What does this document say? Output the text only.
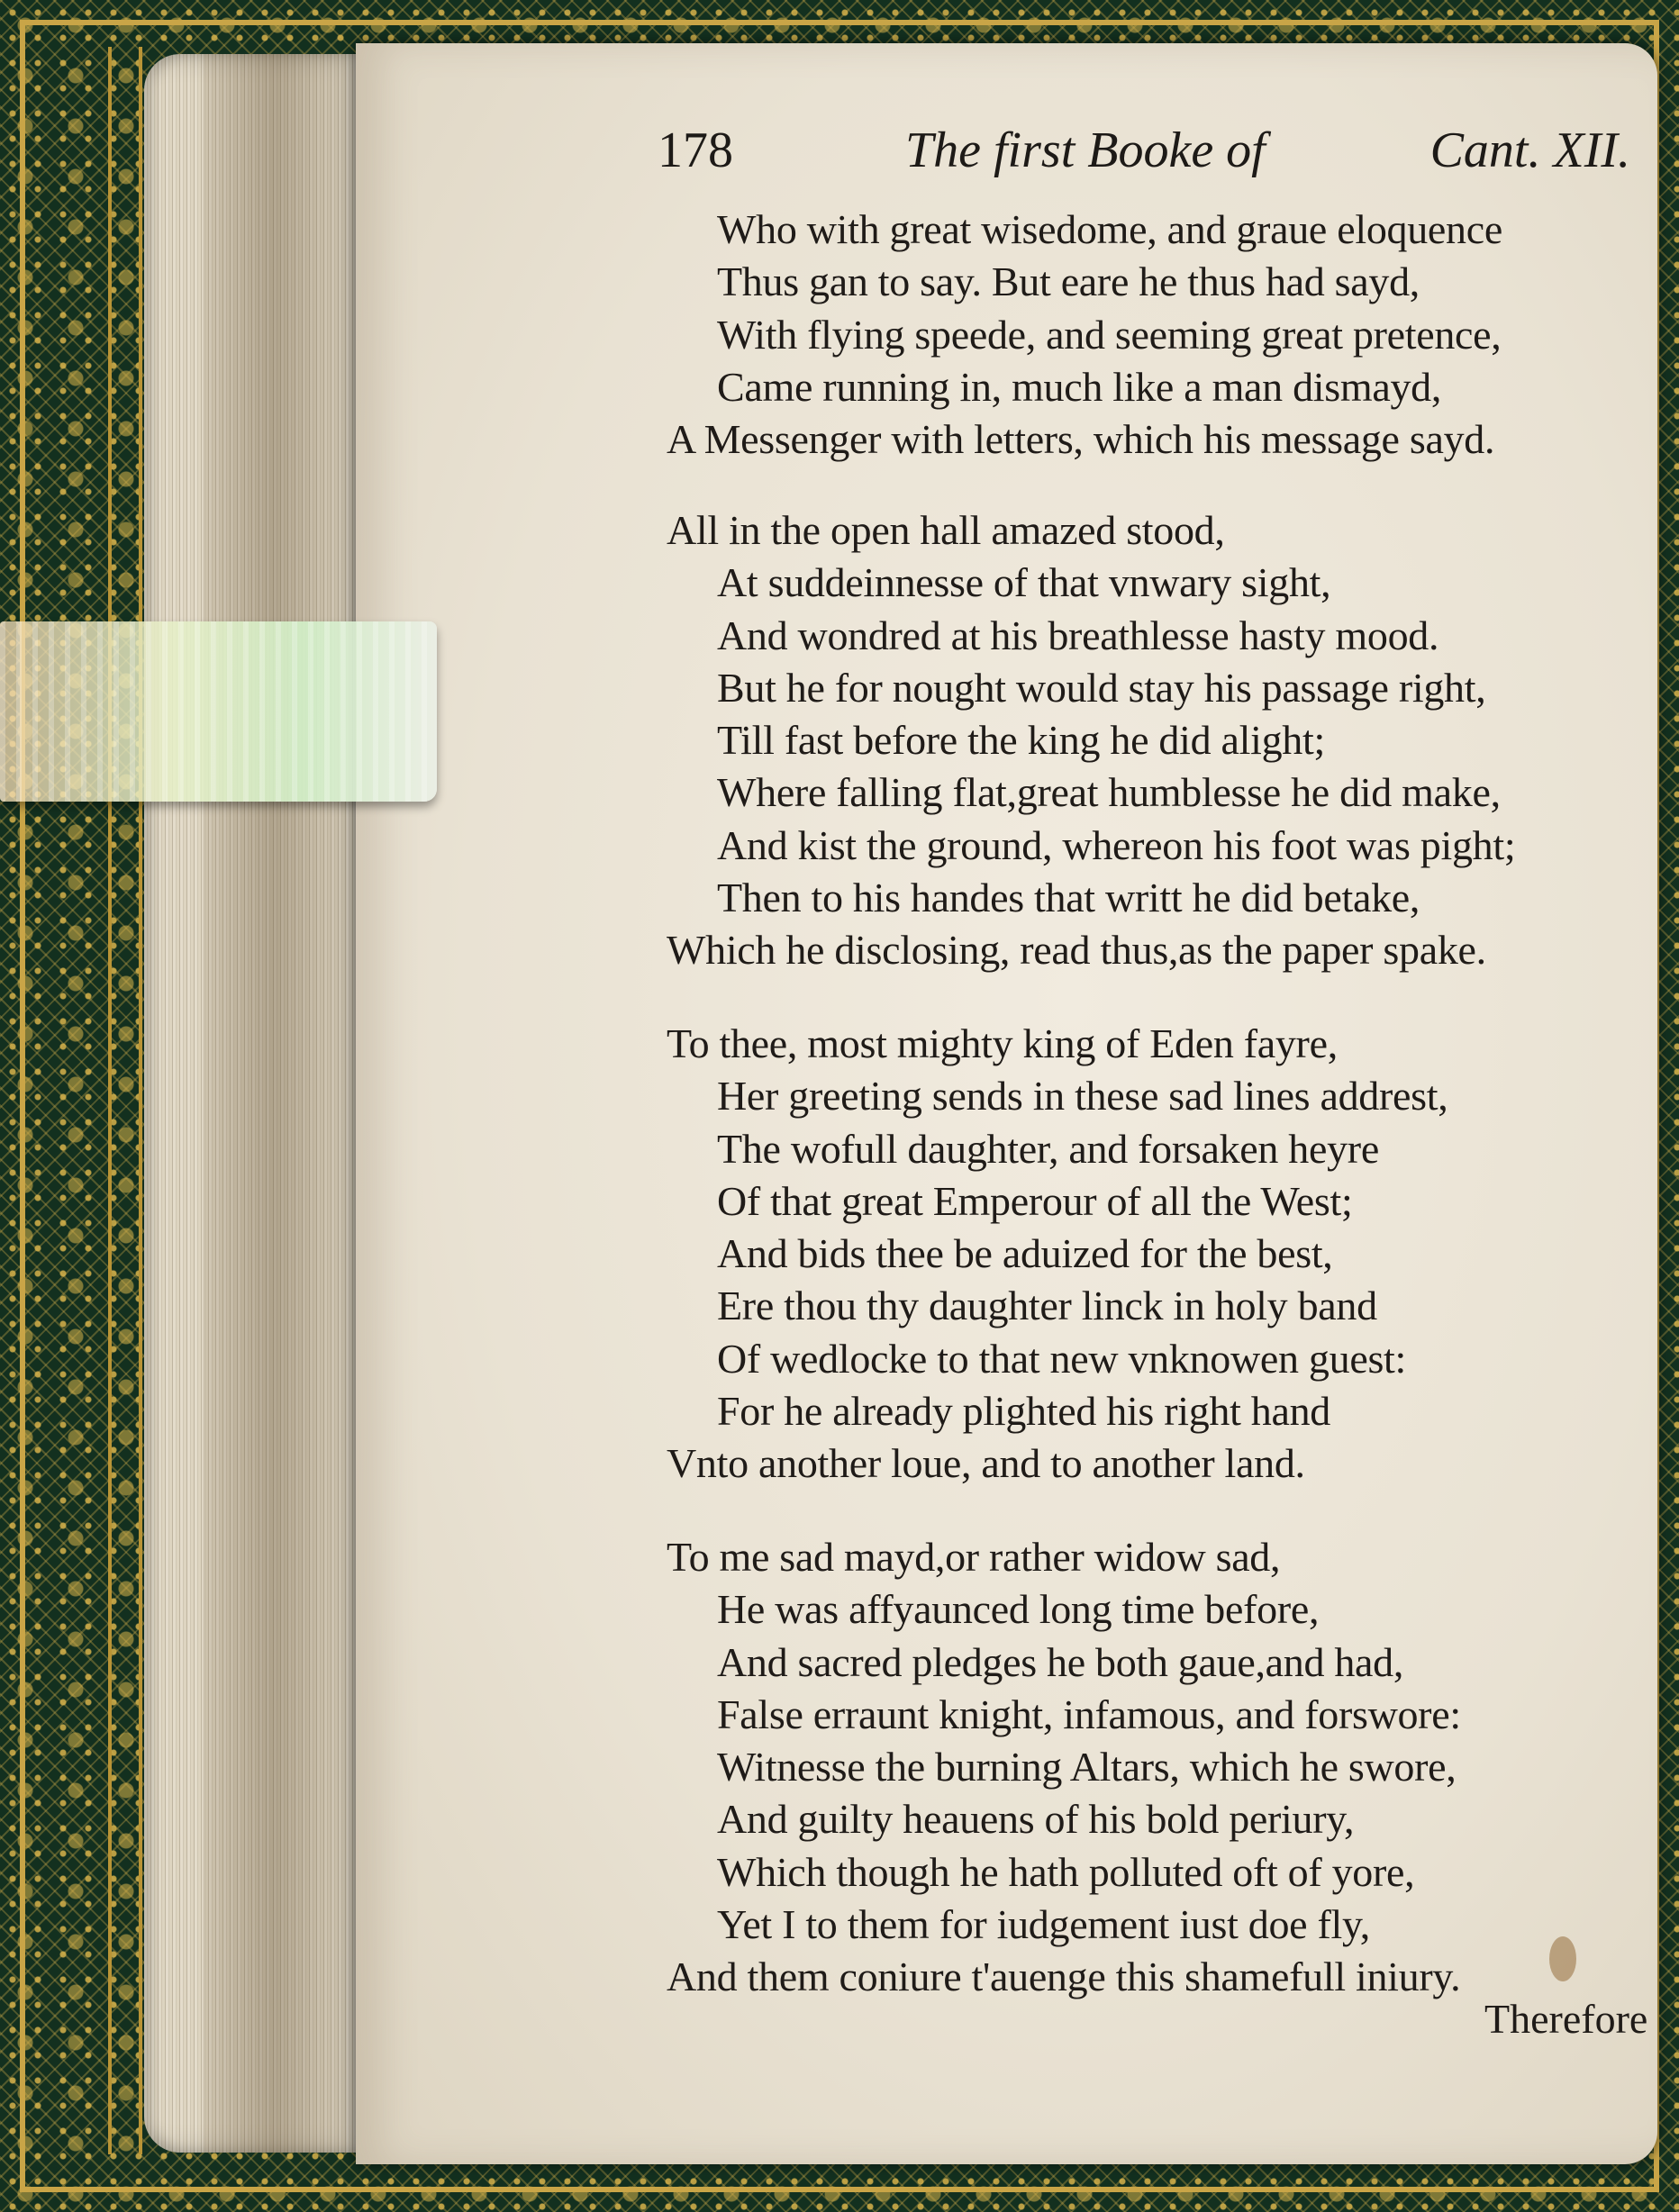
178	The first Booke of	Cant. XII.
Who with great wisedome, and graue eloquence
Thus gan to say. But eare he thus had sayd,
With flying speede, and seeming great pretence,
Came running in, much like a man dismayd,
A Messenger with letters, which his message sayd.
All in the open hall amazed stood,
At suddeinnesse of that vnwary sight,
And wondred at his breathlesse hasty mood.
But he for nought would stay his passage right,
Till fast before the king he did alight;
Where falling flat,great humblesse he did make,
And kist the ground, whereon his foot was pight;
Then to his handes that writt he did betake,
Which he disclosing, read thus,as the paper spake.
To thee, most mighty king of Eden fayre,
Her greeting sends in these sad lines addrest,
The wofull daughter, and forsaken heyre
Of that great Emperour of all the West;
And bids thee be aduized for the best,
Ere thou thy daughter linck in holy band
Of wedlocke to that new vnknowen guest:
For he already plighted his right hand
Vnto another loue, and to another land.
To me sad mayd,or rather widow sad,
He was affyaunced long time before,
And sacred pledges he both gaue,and had,
False erraunt knight, infamous, and forswore:
Witnesse the burning Altars, which he swore,
And guilty heauens of his bold periury,
Which though he hath polluted oft of yore,
Yet I to them for iudgement iust doe fly,
And them coniure t'auenge this shamefull iniury.
Therefore
